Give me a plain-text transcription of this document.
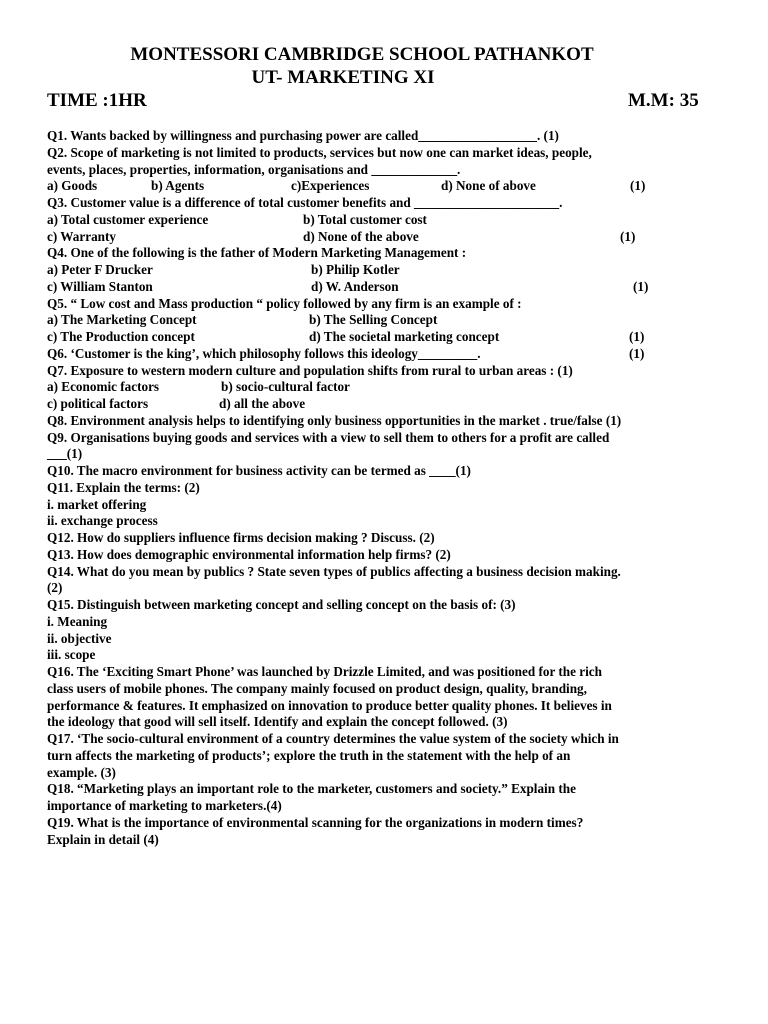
MONTESSORI CAMBRIDGE SCHOOL PATHANKOT
UT- MARKETING XI
TIME :1HR	M.M: 35
Q1. Wants backed by willingness and purchasing power are called__________________. (1)
Q2. Scope of marketing is not limited to products, services but now one can market ideas, people,
events, places, properties, information, organisations and _____________.
a) Goods	b) Agents	c)Experiences	d) None of above	(1)
Q3. Customer value is a difference of total customer benefits and ______________________.
a) Total customer experience	b) Total customer cost
c) Warranty	d) None of the above	(1)
Q4. One of the following is the father of Modern Marketing Management :
a) Peter F Drucker	b) Philip Kotler
c) William Stanton	d) W. Anderson	(1)
Q5. “ Low cost and Mass production “ policy followed by any firm is an example of :
a) The Marketing Concept	b) The Selling Concept
c) The Production concept	d) The societal marketing concept	(1)
Q6. ‘Customer is the king’, which philosophy follows this ideology_________.	(1)
Q7. Exposure to western modern culture and population shifts from rural to urban areas : (1)
a) Economic factors	b) socio-cultural factor
c) political factors	d) all the above
Q8. Environment analysis helps to identifying only business opportunities in the market . true/false (1)
Q9. Organisations buying goods and services with a view to sell them to others for a profit are called
___(1)
Q10. The macro environment for business activity can be termed as ____(1)
Q11. Explain the terms: (2)
i. market offering
ii. exchange process
Q12. How do suppliers influence firms decision making ? Discuss. (2)
Q13. How does demographic environmental information help firms? (2)
Q14. What do you mean by publics ? State seven types of publics affecting a business decision making.
(2)
Q15. Distinguish between marketing concept and selling concept on the basis of: (3)
i. Meaning
ii. objective
iii. scope
Q16. The ‘Exciting Smart Phone’ was launched by Drizzle Limited, and was positioned for the rich
class users of mobile phones. The company mainly focused on product design, quality, branding,
performance & features. It emphasized on innovation to produce better quality phones. It believes in
the ideology that good will sell itself. Identify and explain the concept followed. (3)
Q17. ‘The socio-cultural environment of a country determines the value system of the society which in
turn affects the marketing of products’; explore the truth in the statement with the help of an
example. (3)
Q18. “Marketing plays an important role to the marketer, customers and society.” Explain the
importance of marketing to marketers.(4)
Q19. What is the importance of environmental scanning for the organizations in modern times?
Explain in detail (4)
